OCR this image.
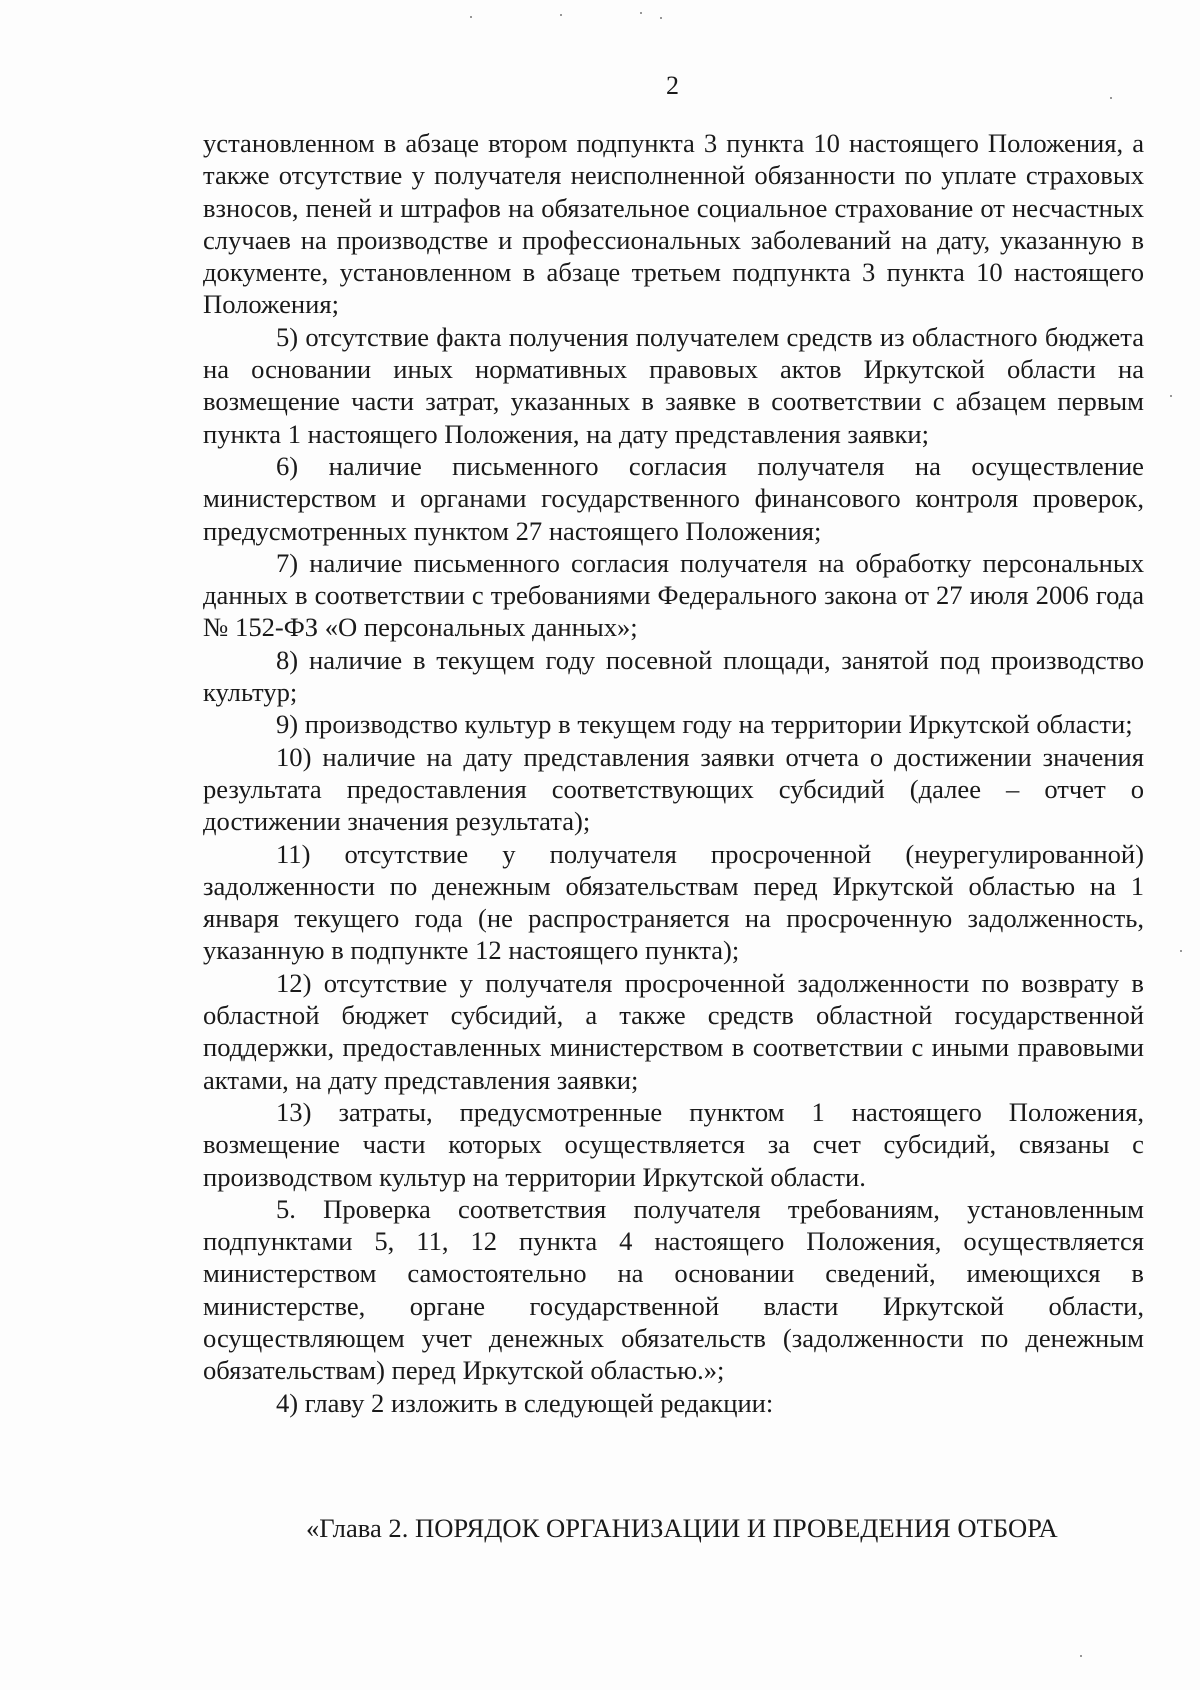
2

установленном в абзаце втором подпункта 3 пункта 10 настоящего Положения, а также отсутствие у получателя неисполненной обязанности по уплате страховых взносов, пеней и штрафов на обязательное социальное страхование от несчастных случаев на производстве и профессиональных заболеваний на дату, указанную в документе, установленном в абзаце третьем подпункта 3 пункта 10 настоящего Положения;

5) отсутствие факта получения получателем средств из областного бюджета на основании иных нормативных правовых актов Иркутской области на возмещение части затрат, указанных в заявке в соответствии с абзацем первым пункта 1 настоящего Положения, на дату представления заявки;

6) наличие письменного согласия получателя на осуществление министерством и органами государственного финансового контроля проверок, предусмотренных пунктом 27 настоящего Положения;

7) наличие письменного согласия получателя на обработку персональных данных в соответствии с требованиями Федерального закона от 27 июля 2006 года № 152-ФЗ «О персональных данных»;

8) наличие в текущем году посевной площади, занятой под производство культур;

9) производство культур в текущем году на территории Иркутской области;

10) наличие на дату представления заявки отчета о достижении значения результата предоставления соответствующих субсидий (далее – отчет о достижении значения результата);

11) отсутствие у получателя просроченной (неурегулированной) задолженности по денежным обязательствам перед Иркутской областью на 1 января текущего года (не распространяется на просроченную задолженность, указанную в подпункте 12 настоящего пункта);

12) отсутствие у получателя просроченной задолженности по возврату в областной бюджет субсидий, а также средств областной государственной поддержки, предоставленных министерством в соответствии с иными правовыми актами, на дату представления заявки;

13) затраты, предусмотренные пунктом 1 настоящего Положения, возмещение части которых осуществляется за счет субсидий, связаны с производством культур на территории Иркутской области.

5. Проверка соответствия получателя требованиям, установленным подпунктами 5, 11, 12 пункта 4 настоящего Положения, осуществляется министерством самостоятельно на основании сведений, имеющихся в министерстве, органе государственной власти Иркутской области, осуществляющем учет денежных обязательств (задолженности по денежным обязательствам) перед Иркутской областью.»;

4) главу 2 изложить в следующей редакции:

«Глава 2. ПОРЯДОК ОРГАНИЗАЦИИ И ПРОВЕДЕНИЯ ОТБОРА
